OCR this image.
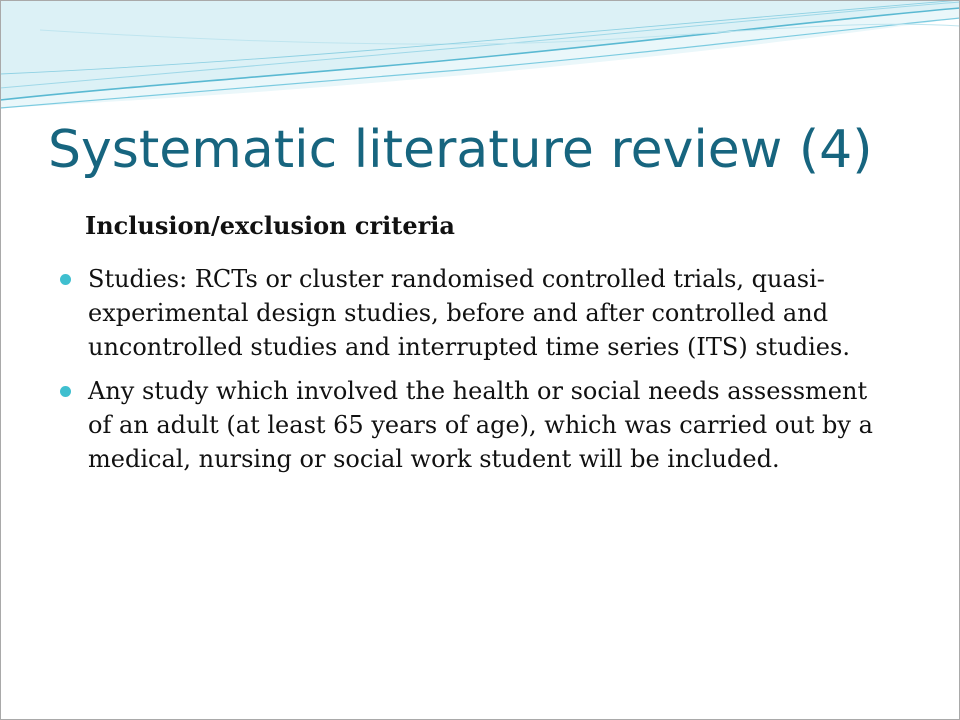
Systematic literature review (4)
Inclusion/exclusion criteria
Studies: RCTs or cluster randomised controlled trials, quasi-experimental design studies, before and after controlled and uncontrolled studies and interrupted time series (ITS) studies.
Any study which involved the health or social needs assessment of an adult (at least 65 years of age), which was carried out by a medical, nursing or social work student will be included.
